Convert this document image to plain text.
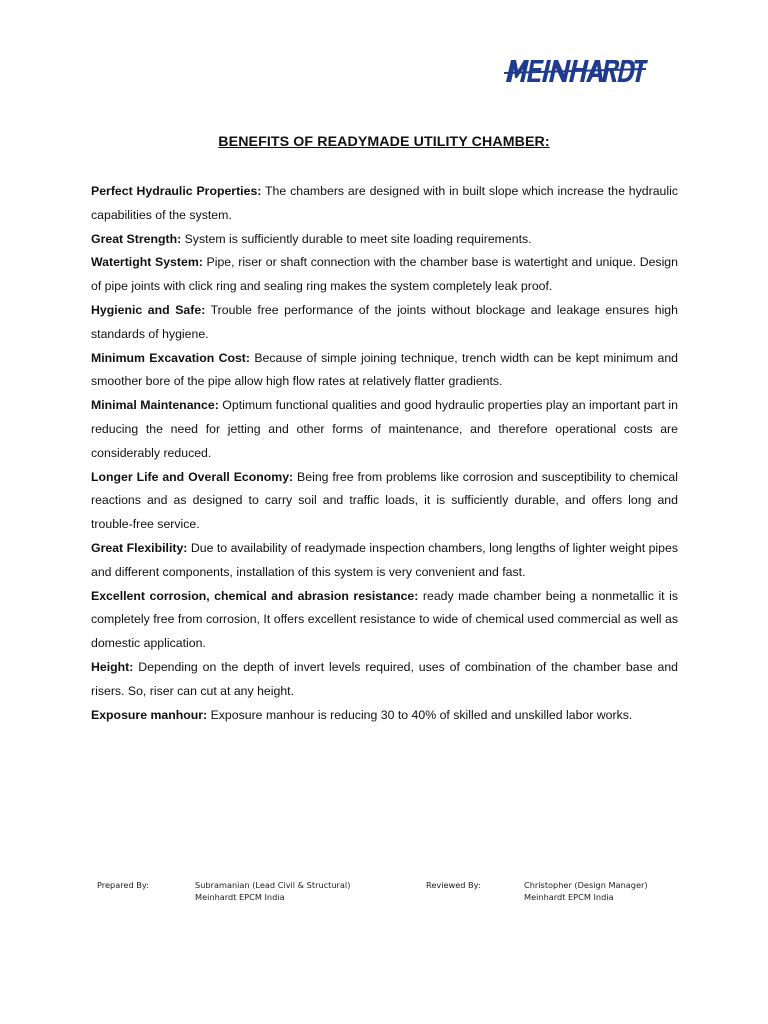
BENEFITS OF READYMADE UTILITY CHAMBER:

Perfect Hydraulic Properties: The chambers are designed with in built slope which increase the hydraulic capabilities of the system.

Great Strength: System is sufficiently durable to meet site loading requirements.

Watertight System: Pipe, riser or shaft connection with the chamber base is watertight and unique. Design of pipe joints with click ring and sealing ring makes the system completely leak proof.

Hygienic and Safe: Trouble free performance of the joints without blockage and leakage ensures high standards of hygiene.

Minimum Excavation Cost: Because of simple joining technique, trench width can be kept minimum and smoother bore of the pipe allow high flow rates at relatively flatter gradients.

Minimal Maintenance: Optimum functional qualities and good hydraulic properties play an important part in reducing the need for jetting and other forms of maintenance, and therefore operational costs are considerably reduced.

Longer Life and Overall Economy: Being free from problems like corrosion and susceptibility to chemical reactions and as designed to carry soil and traffic loads, it is sufficiently durable, and offers long and trouble-free service.

Great Flexibility: Due to availability of readymade inspection chambers, long lengths of lighter weight pipes and different components, installation of this system is very convenient and fast.

Excellent corrosion, chemical and abrasion resistance: ready made chamber being a nonmetallic it is completely free from corrosion, It offers excellent resistance to wide of chemical used commercial as well as domestic application.

Height: Depending on the depth of invert levels required, uses of combination of the chamber base and risers. So, riser can cut at any height.

Exposure manhour: Exposure manhour is reducing 30 to 40% of skilled and unskilled labor works.

Prepared By:	Subramanian (Lead Civil & Structural)
Meinhardt EPCM India
Reviewed By:	Christopher (Design Manager)
Meinhardt EPCM India
